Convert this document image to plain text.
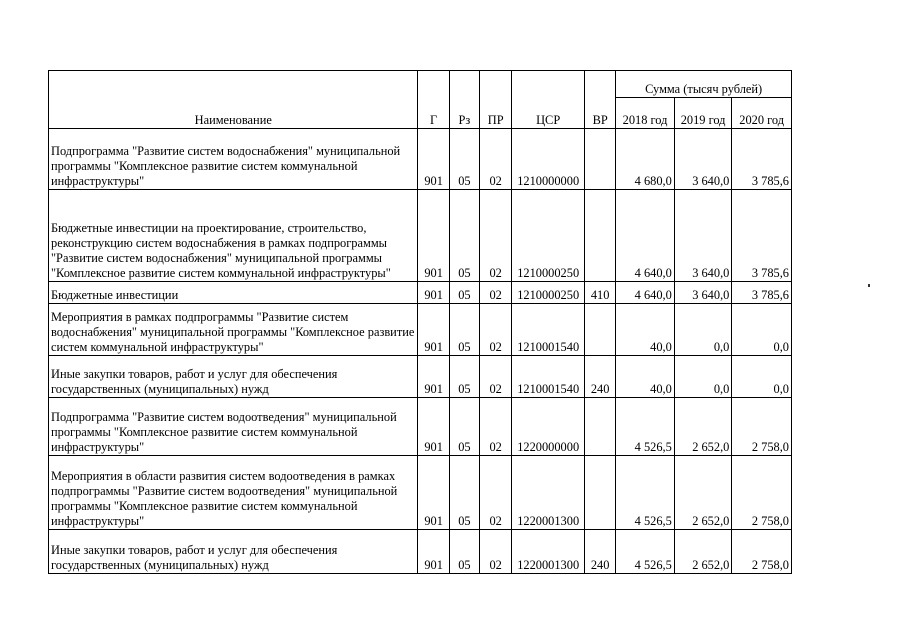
Наименование	Г	Рз	ПР	ЦСР	ВР	Сумма (тысяч рублей)		
						2018 год	2019 год	2020 год
Подпрограмма "Развитие систем водоснабжения" муниципальной программы "Комплексное развитие систем коммунальной инфраструктуры"	901	05	02	1210000000		4 680,0	3 640,0	3 785,6
Бюджетные инвестиции на проектирование, строительство, реконструкцию систем водоснабжения в рамках подпрограммы "Развитие систем водоснабжения" муниципальной программы "Комплексное развитие систем коммунальной инфраструктуры"	901	05	02	1210000250		4 640,0	3 640,0	3 785,6
Бюджетные инвестиции	901	05	02	1210000250	410	4 640,0	3 640,0	3 785,6
Мероприятия в рамках подпрограммы "Развитие систем водоснабжения" муниципальной программы "Комплексное развитие систем коммунальной инфраструктуры"	901	05	02	1210001540		40,0	0,0	0,0
Иные закупки товаров, работ и услуг для обеспечения государственных (муниципальных) нужд	901	05	02	1210001540	240	40,0	0,0	0,0
Подпрограмма "Развитие систем водоотведения" муниципальной программы "Комплексное развитие систем коммунальной инфраструктуры"	901	05	02	1220000000		4 526,5	2 652,0	2 758,0
Мероприятия в области развития систем водоотведения в рамках подпрограммы "Развитие систем водоотведения" муниципальной программы "Комплексное развитие систем коммунальной инфраструктуры"	901	05	02	1220001300		4 526,5	2 652,0	2 758,0
Иные закупки товаров, работ и услуг для обеспечения государственных (муниципальных) нужд	901	05	02	1220001300	240	4 526,5	2 652,0	2 758,0
